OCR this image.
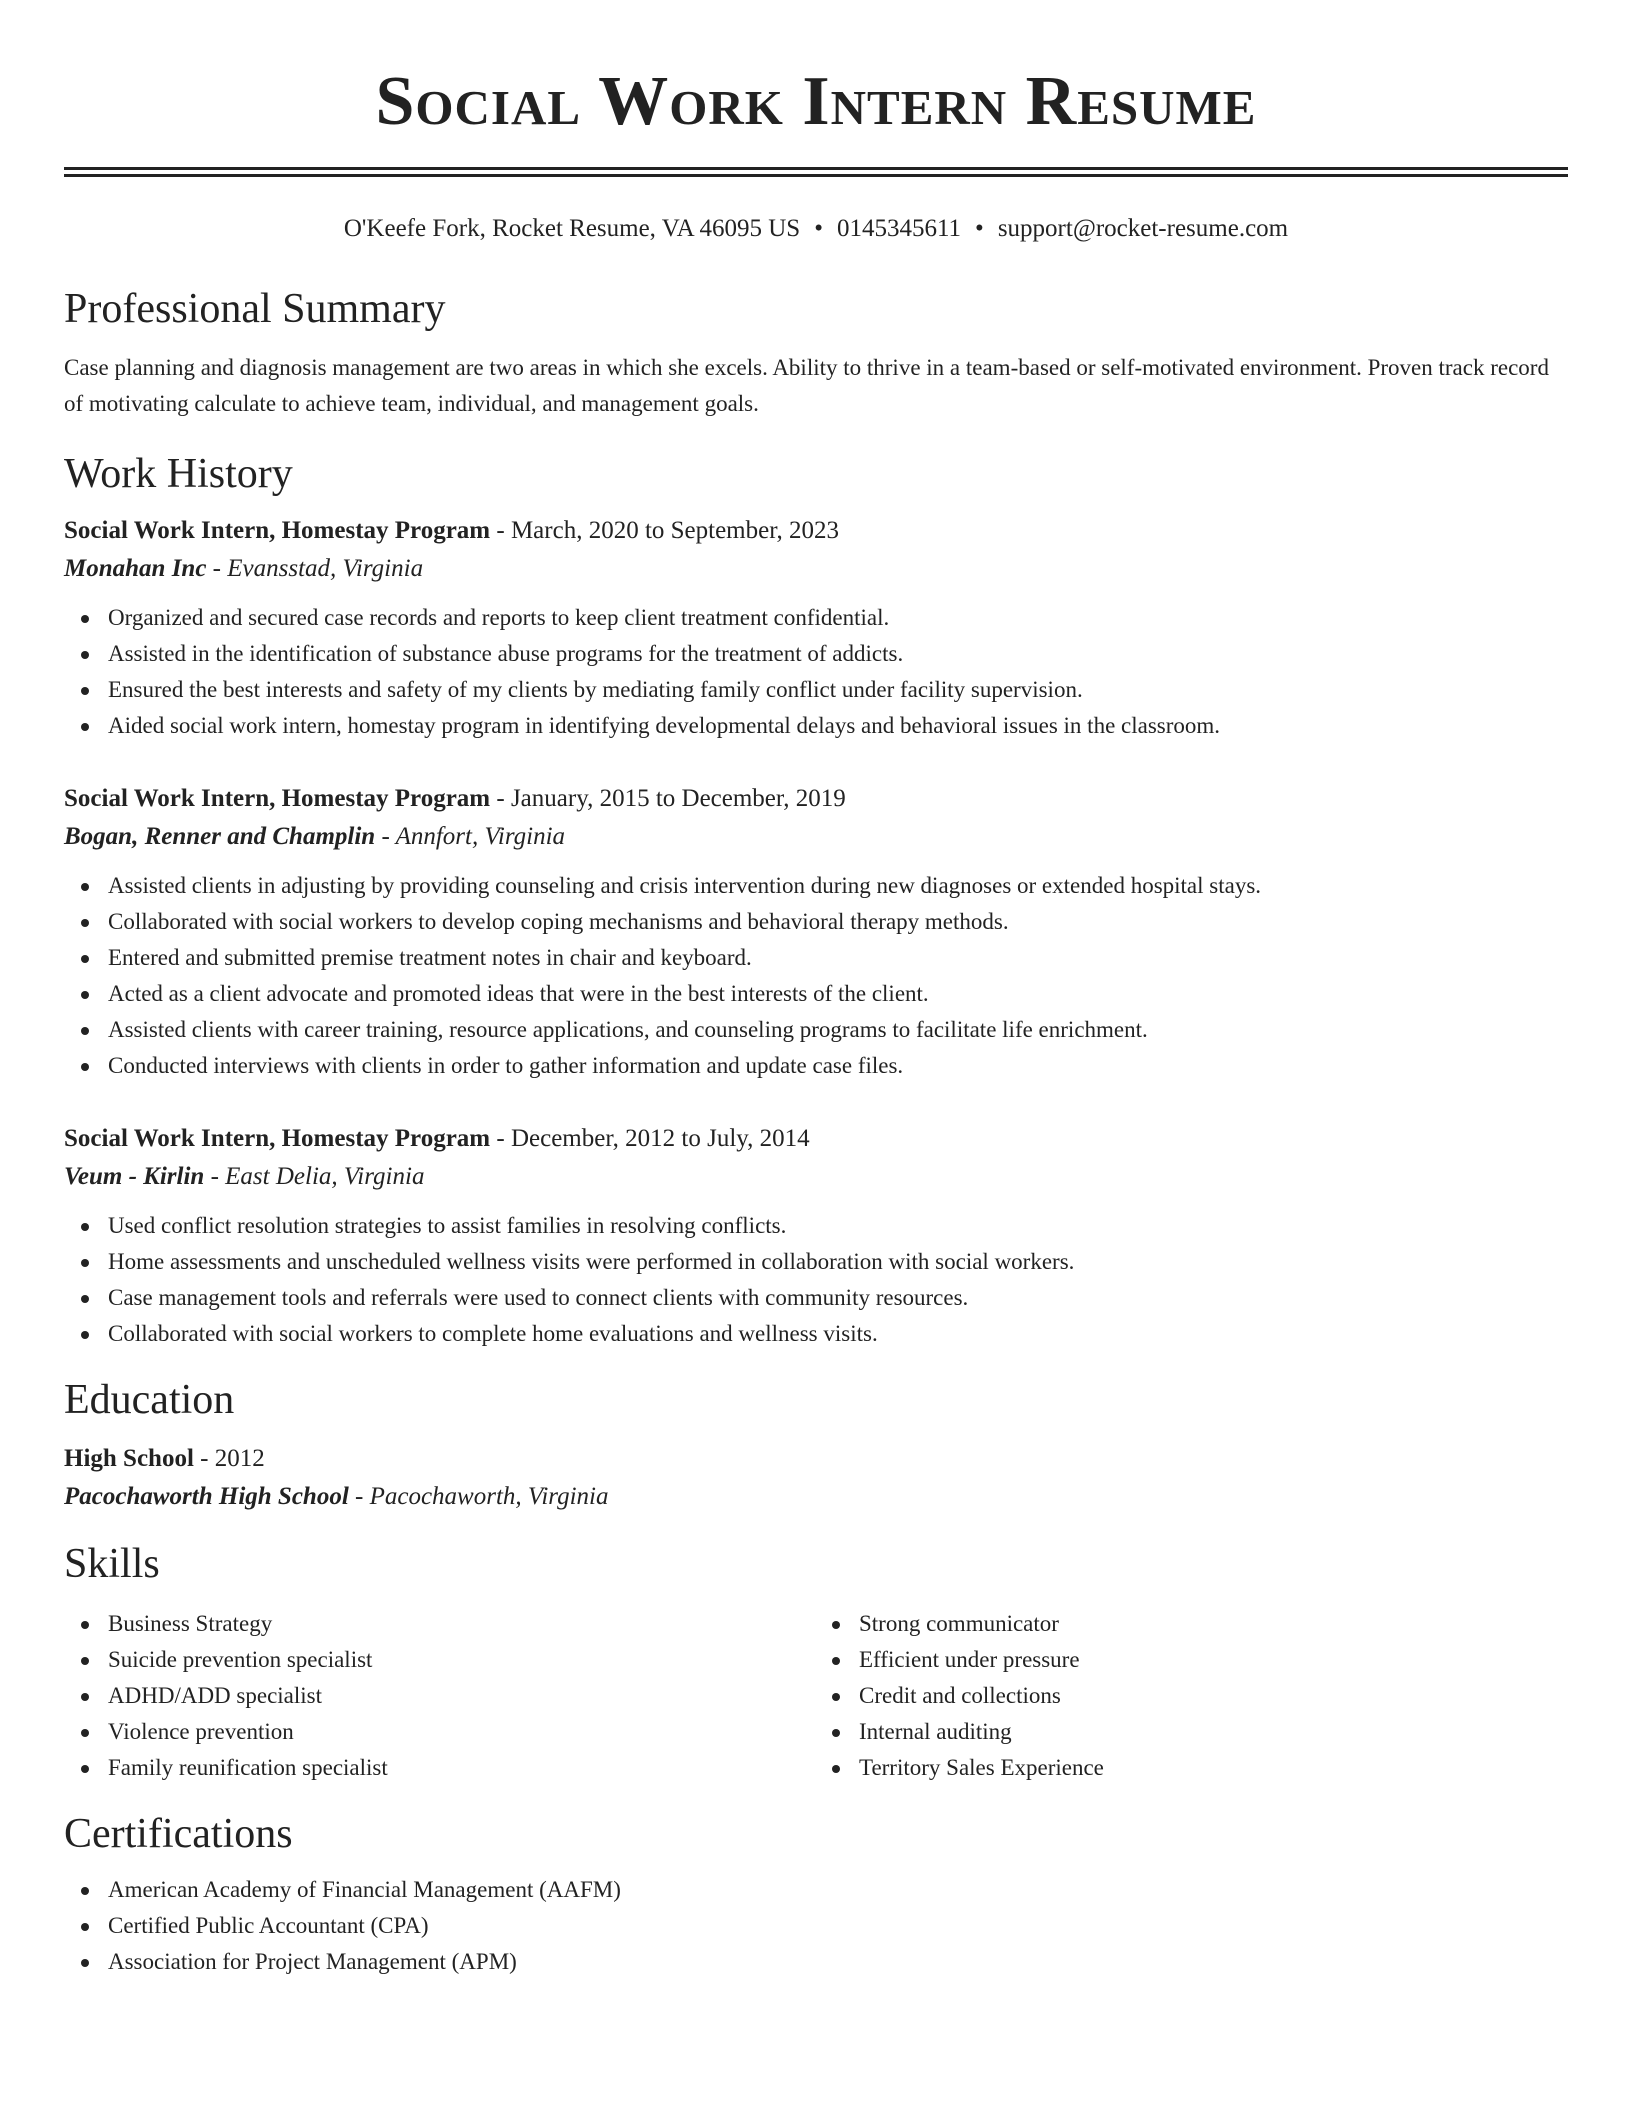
Social Work Intern Resume
O'Keefe Fork, Rocket Resume, VA 46095 US • 0145345611 • support@rocket-resume.com
Professional Summary
Case planning and diagnosis management are two areas in which she excels. Ability to thrive in a team-based or self-motivated environment. Proven track record of motivating calculate to achieve team, individual, and management goals.
Work History
Social Work Intern, Homestay Program - March, 2020 to September, 2023
Monahan Inc - Evansstad, Virginia
Organized and secured case records and reports to keep client treatment confidential.
Assisted in the identification of substance abuse programs for the treatment of addicts.
Ensured the best interests and safety of my clients by mediating family conflict under facility supervision.
Aided social work intern, homestay program in identifying developmental delays and behavioral issues in the classroom.
Social Work Intern, Homestay Program - January, 2015 to December, 2019
Bogan, Renner and Champlin - Annfort, Virginia
Assisted clients in adjusting by providing counseling and crisis intervention during new diagnoses or extended hospital stays.
Collaborated with social workers to develop coping mechanisms and behavioral therapy methods.
Entered and submitted premise treatment notes in chair and keyboard.
Acted as a client advocate and promoted ideas that were in the best interests of the client.
Assisted clients with career training, resource applications, and counseling programs to facilitate life enrichment.
Conducted interviews with clients in order to gather information and update case files.
Social Work Intern, Homestay Program - December, 2012 to July, 2014
Veum - Kirlin - East Delia, Virginia
Used conflict resolution strategies to assist families in resolving conflicts.
Home assessments and unscheduled wellness visits were performed in collaboration with social workers.
Case management tools and referrals were used to connect clients with community resources.
Collaborated with social workers to complete home evaluations and wellness visits.
Education
High School - 2012
Pacochaworth High School - Pacochaworth, Virginia
Skills
Business Strategy
Suicide prevention specialist
ADHD/ADD specialist
Violence prevention
Family reunification specialist
Strong communicator
Efficient under pressure
Credit and collections
Internal auditing
Territory Sales Experience
Certifications
American Academy of Financial Management (AAFM)
Certified Public Accountant (CPA)
Association for Project Management (APM)
